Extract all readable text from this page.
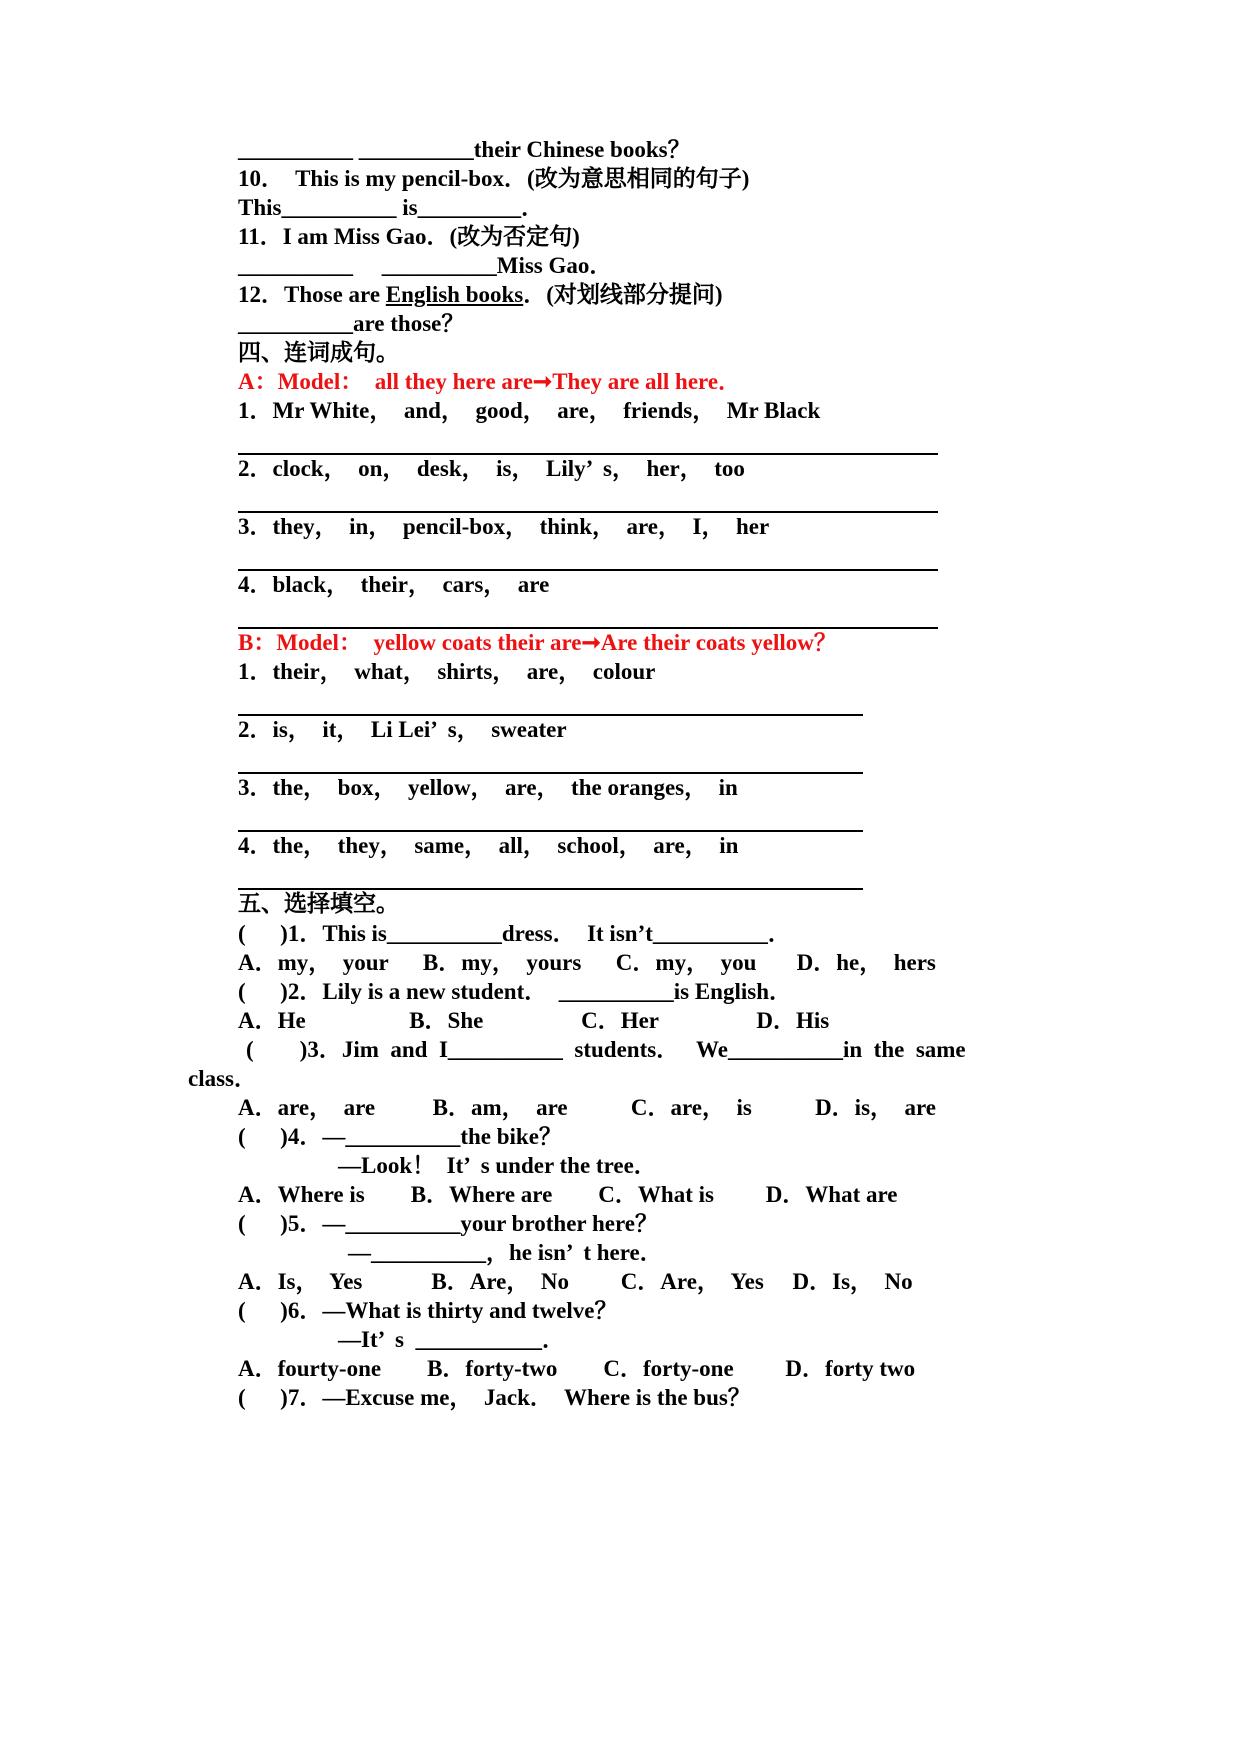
__________ __________their Chinese books？
10．  This is my pencil-box．(改为意思相同的句子)
This__________ is_________．
11．I am Miss Gao．(改为否定句)
__________     __________Miss Gao．
12．Those are English books．(对划线部分提问)
__________are those？
四、连词成句。
A：Model：  all they here are➞They are all here．
1．Mr White，  and，  good，  are，  friends，  Mr Black
2．clock，  on，  desk，  is，  Lily’  s，  her，  too
3．they，  in，  pencil-box，  think，  are，  I，  her
4．black，  their，  cars，  are
B：Model：  yellow coats their are➞Are their coats yellow？
1．their，  what，  shirts，  are，  colour
2．is，  it，  Li Lei’  s，  sweater
3．the，  box，  yellow，  are，  the oranges，  in
4．the，  they，  same，  all，  school，  are，  in
五、选择填空。
(      )1．This is__________dress．  It isn’t__________．
A．my，  your      B．my，  yours      C．my，  you       D．he，  hers
(      )2．Lily is a new student．  __________is English．
A．He                  B．She                 C．Her                 D．His
(        )3．Jim  and  I__________  students．   We__________in  the  same
class．
A．are，  are          B．am，  are           C．are，  is           D．is，  are
(      )4．—__________the bike？
—Look！  It’  s under the tree．
A．Where is        B．Where are        C．What is         D．What are
(      )5．—__________your brother here？
—__________，he isn’  t here．
A．Is，  Yes            B．Are，  No         C．Are，  Yes     D．Is，  No
(      )6．—What is thirty and twelve？
—It’  s  ___________．
A．fourty-one        B．forty-two        C．forty-one         D．forty two
(      )7．—Excuse me，  Jack．  Where is the bus？
